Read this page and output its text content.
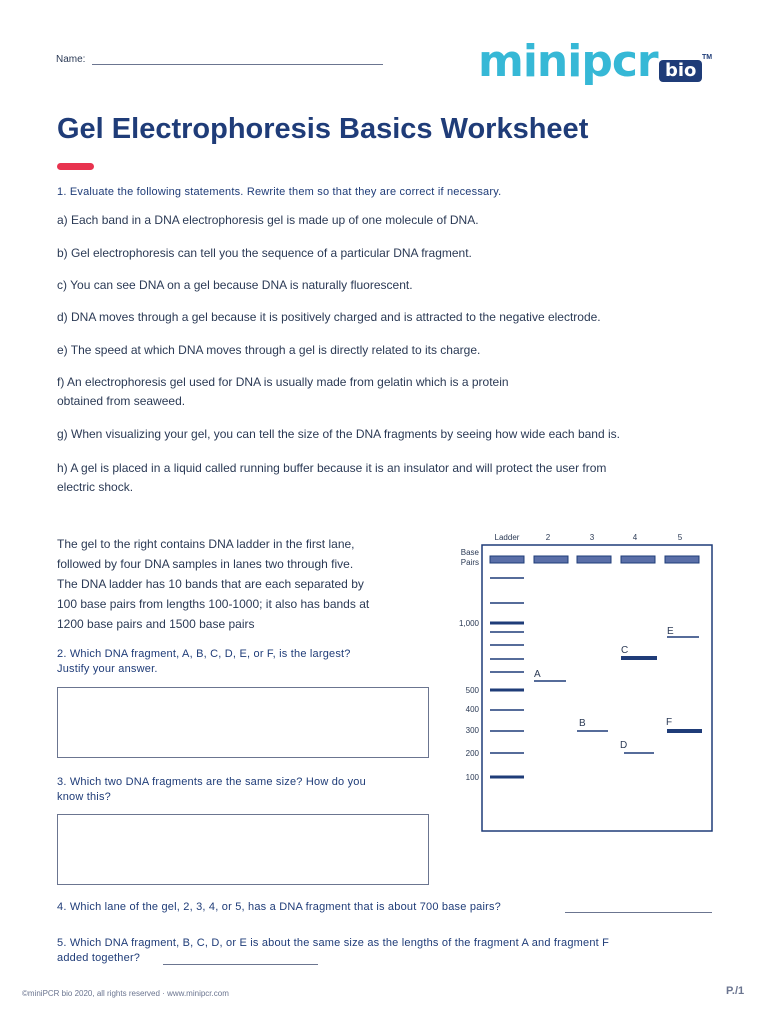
Name:	minipcr bio
TM
Gel Electrophoresis Basics Worksheet
1. Evaluate the following statements. Rewrite them so that they are correct if necessary.
a) Each band in a DNA electrophoresis gel is made up of one molecule of DNA.
b) Gel electrophoresis can tell you the sequence of a particular DNA fragment.
c) You can see DNA on a gel because DNA is naturally fluorescent.
d) DNA moves through a gel because it is positively charged and is attracted to the negative electrode.
e) The speed at which DNA moves through a gel is directly related to its charge.
f) An electrophoresis gel used for DNA is usually made from gelatin which is a protein
obtained from seaweed.
g) When visualizing your gel, you can tell the size of the DNA fragments by seeing how wide each band is.
h) A gel is placed in a liquid called running buffer because it is an insulator and will protect the user from
electric shock.
The gel to the right contains DNA ladder in the first lane,
followed by four DNA samples in lanes two through five.
The DNA ladder has 10 bands that are each separated by
100 base pairs from lengths 100-1000; it also has bands at
1200 base pairs and 1500 base pairs
2. Which DNA fragment, A, B, C, D, E, or F, is the largest?
Justify your answer.
3. Which two DNA fragments are the same size? How do you
know this?
4. Which lane of the gel, 2, 3, 4, or 5, has a DNA fragment that is about 700 base pairs?
5. Which DNA fragment, B, C, D, or E is about the same size as the lengths of the fragment A and fragment F
added together?
Ladder	2	3	4	5
Base
Pairs
1,000
500
400
300
200
100
A
B
C
D
E
F
©miniPCR bio 2020, all rights reserved · www.minipcr.com	P./1
